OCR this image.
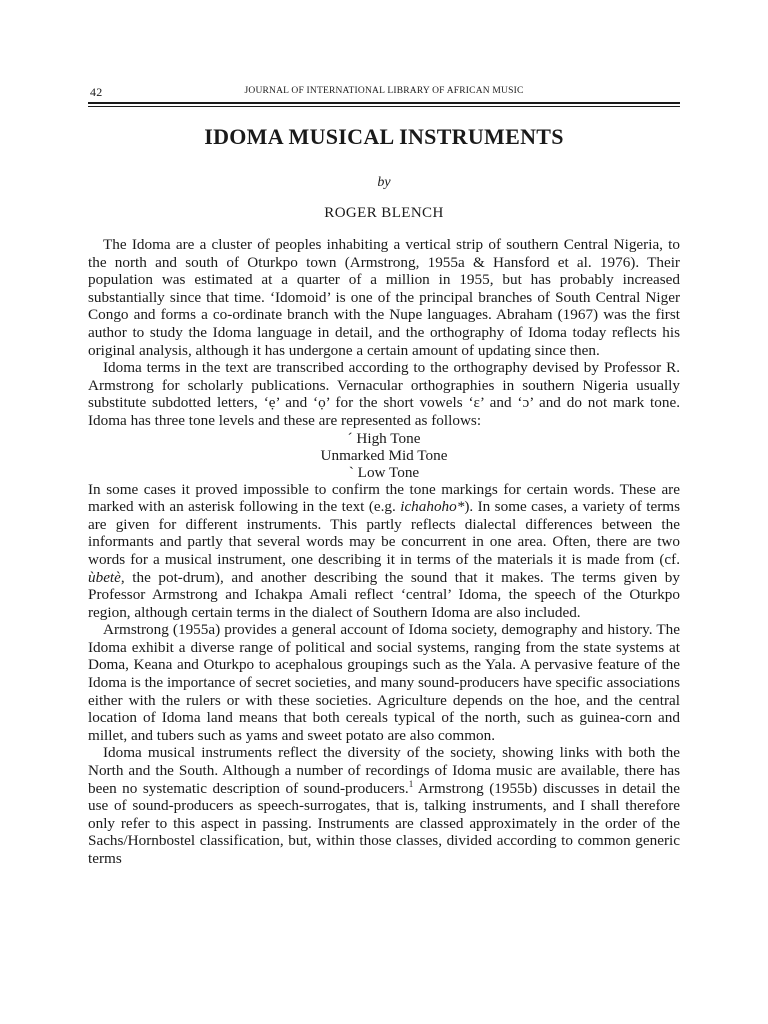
42	JOURNAL OF INTERNATIONAL LIBRARY OF AFRICAN MUSIC
IDOMA MUSICAL INSTRUMENTS
by
ROGER BLENCH

The Idoma are a cluster of peoples inhabiting a vertical strip of southern Central Nigeria, to the north and south of Oturkpo town (Armstrong, 1955a & Hansford et al. 1976). Their population was estimated at a quarter of a million in 1955, but has probably increased substantially since that time. ‘Idomoid’ is one of the principal branches of South Central Niger Congo and forms a co-ordinate branch with the Nupe languages. Abraham (1967) was the first author to study the Idoma language in detail, and the orthography of Idoma today reflects his original analysis, although it has undergone a certain amount of updating since then.

Idoma terms in the text are transcribed according to the orthography devised by Professor R. Armstrong for scholarly publications. Vernacular orthographies in southern Nigeria usually substitute subdotted letters, ‘ẹ’ and ‘ọ’ for the short vowels ‘ɛ’ and ‘ɔ’ and do not mark tone. Idoma has three tone levels and these are represented as follows:

´ High Tone
Unmarked Mid Tone
` Low Tone

In some cases it proved impossible to confirm the tone markings for certain words. These are marked with an asterisk following in the text (e.g. ichahoho*). In some cases, a variety of terms are given for different instruments. This partly reflects dialectal differences between the informants and partly that several words may be concurrent in one area. Often, there are two words for a musical instrument, one describing it in terms of the materials it is made from (cf. ùbetè, the pot-drum), and another describing the sound that it makes. The terms given by Professor Armstrong and Ichakpa Amali reflect ‘central’ Idoma, the speech of the Oturkpo region, although certain terms in the dialect of Southern Idoma are also included.

Armstrong (1955a) provides a general account of Idoma society, demography and history. The Idoma exhibit a diverse range of political and social systems, ranging from the state systems at Doma, Keana and Oturkpo to acephalous groupings such as the Yala. A pervasive feature of the Idoma is the importance of secret societies, and many sound-producers have specific associations either with the rulers or with these societies. Agriculture depends on the hoe, and the central location of Idoma land means that both cereals typical of the north, such as guinea-corn and millet, and tubers such as yams and sweet potato are also common.

Idoma musical instruments reflect the diversity of the society, showing links with both the North and the South. Although a number of recordings of Idoma music are available, there has been no systematic description of sound-producers.$^1$ Armstrong (1955b) discusses in detail the use of sound-producers as speech-surrogates, that is, talking instruments, and I shall therefore only refer to this aspect in passing. Instruments are classed approximately in the order of the Sachs/Hornbostel classification, but, within those classes, divided according to common generic terms
